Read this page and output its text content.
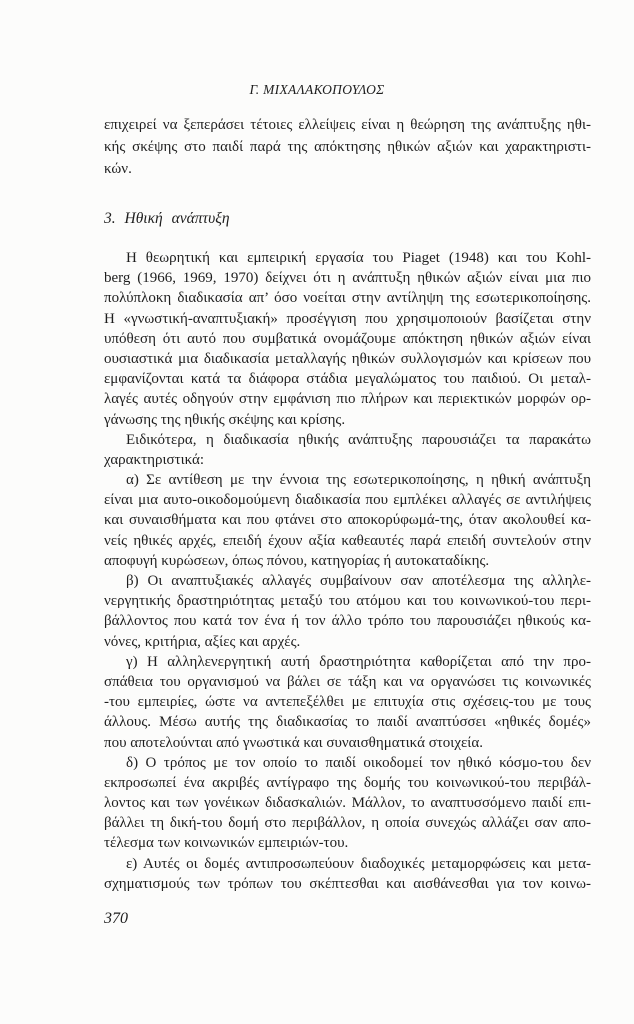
Γ. ΜΙΧΑΛΑΚΟΠΟΥΛΟΣ
επιχειρεί να ξεπεράσει τέτοιες ελλείψεις είναι η θεώρηση της ανάπτυξης ηθι-
κής σκέψης στο παιδί παρά της απόκτησης ηθικών αξιών και χαρακτηριστι-
κών.
3. Ηθική ανάπτυξη
Η θεωρητική και εμπειρική εργασία του Piaget (1948) και του Kohl-
berg (1966, 1969, 1970) δείχνει ότι η ανάπτυξη ηθικών αξιών είναι μια πιο
πολύπλοκη διαδικασία απ’ όσο νοείται στην αντίληψη της εσωτερικοποίησης.
Η «γνωστική-αναπτυξιακή» προσέγγιση που χρησιμοποιούν βασίζεται στην
υπόθεση ότι αυτό που συμβατικά ονομάζουμε απόκτηση ηθικών αξιών είναι
ουσιαστικά μια διαδικασία μεταλλαγής ηθικών συλλογισμών και κρίσεων που
εμφανίζονται κατά τα διάφορα στάδια μεγαλώματος του παιδιού. Οι μεταλ-
λαγές αυτές οδηγούν στην εμφάνιση πιο πλήρων και περιεκτικών μορφών ορ-
γάνωσης της ηθικής σκέψης και κρίσης.
Ειδικότερα, η διαδικασία ηθικής ανάπτυξης παρουσιάζει τα παρακάτω
χαρακτηριστικά:
α) Σε αντίθεση με την έννοια της εσωτερικοποίησης, η ηθική ανάπτυξη
είναι μια αυτο-οικοδομούμενη διαδικασία που εμπλέκει αλλαγές σε αντιλήψεις
και συναισθήματα και που φτάνει στο αποκορύφωμά-της, όταν ακολουθεί κα-
νείς ηθικές αρχές, επειδή έχουν αξία καθεαυτές παρά επειδή συντελούν στην
αποφυγή κυρώσεων, όπως πόνου, κατηγορίας ή αυτοκαταδίκης.
β) Οι αναπτυξιακές αλλαγές συμβαίνουν σαν αποτέλεσμα της αλληλε-
νεργητικής δραστηριότητας μεταξύ του ατόμου και του κοινωνικού-του περι-
βάλλοντος που κατά τον ένα ή τον άλλο τρόπο του παρουσιάζει ηθικούς κα-
νόνες, κριτήρια, αξίες και αρχές.
γ) Η αλληλενεργητική αυτή δραστηριότητα καθορίζεται από την προ-
σπάθεια του οργανισμού να βάλει σε τάξη και να οργανώσει τις κοινωνικές
-του εμπειρίες, ώστε να αντεπεξέλθει με επιτυχία στις σχέσεις-του με τους
άλλους. Μέσω αυτής της διαδικασίας το παιδί αναπτύσσει «ηθικές δομές»
που αποτελούνται από γνωστικά και συναισθηματικά στοιχεία.
δ) Ο τρόπος με τον οποίο το παιδί οικοδομεί τον ηθικό κόσμο-του δεν
εκπροσωπεί ένα ακριβές αντίγραφο της δομής του κοινωνικού-του περιβάλ-
λοντος και των γονέικων διδασκαλιών. Μάλλον, το αναπτυσσόμενο παιδί επι-
βάλλει τη δική-του δομή στο περιβάλλον, η οποία συνεχώς αλλάζει σαν απο-
τέλεσμα των κοινωνικών εμπειριών-του.
ε) Αυτές οι δομές αντιπροσωπεύουν διαδοχικές μεταμορφώσεις και μετα-
σχηματισμούς των τρόπων του σκέπτεσθαι και αισθάνεσθαι για τον κοινω-
370
